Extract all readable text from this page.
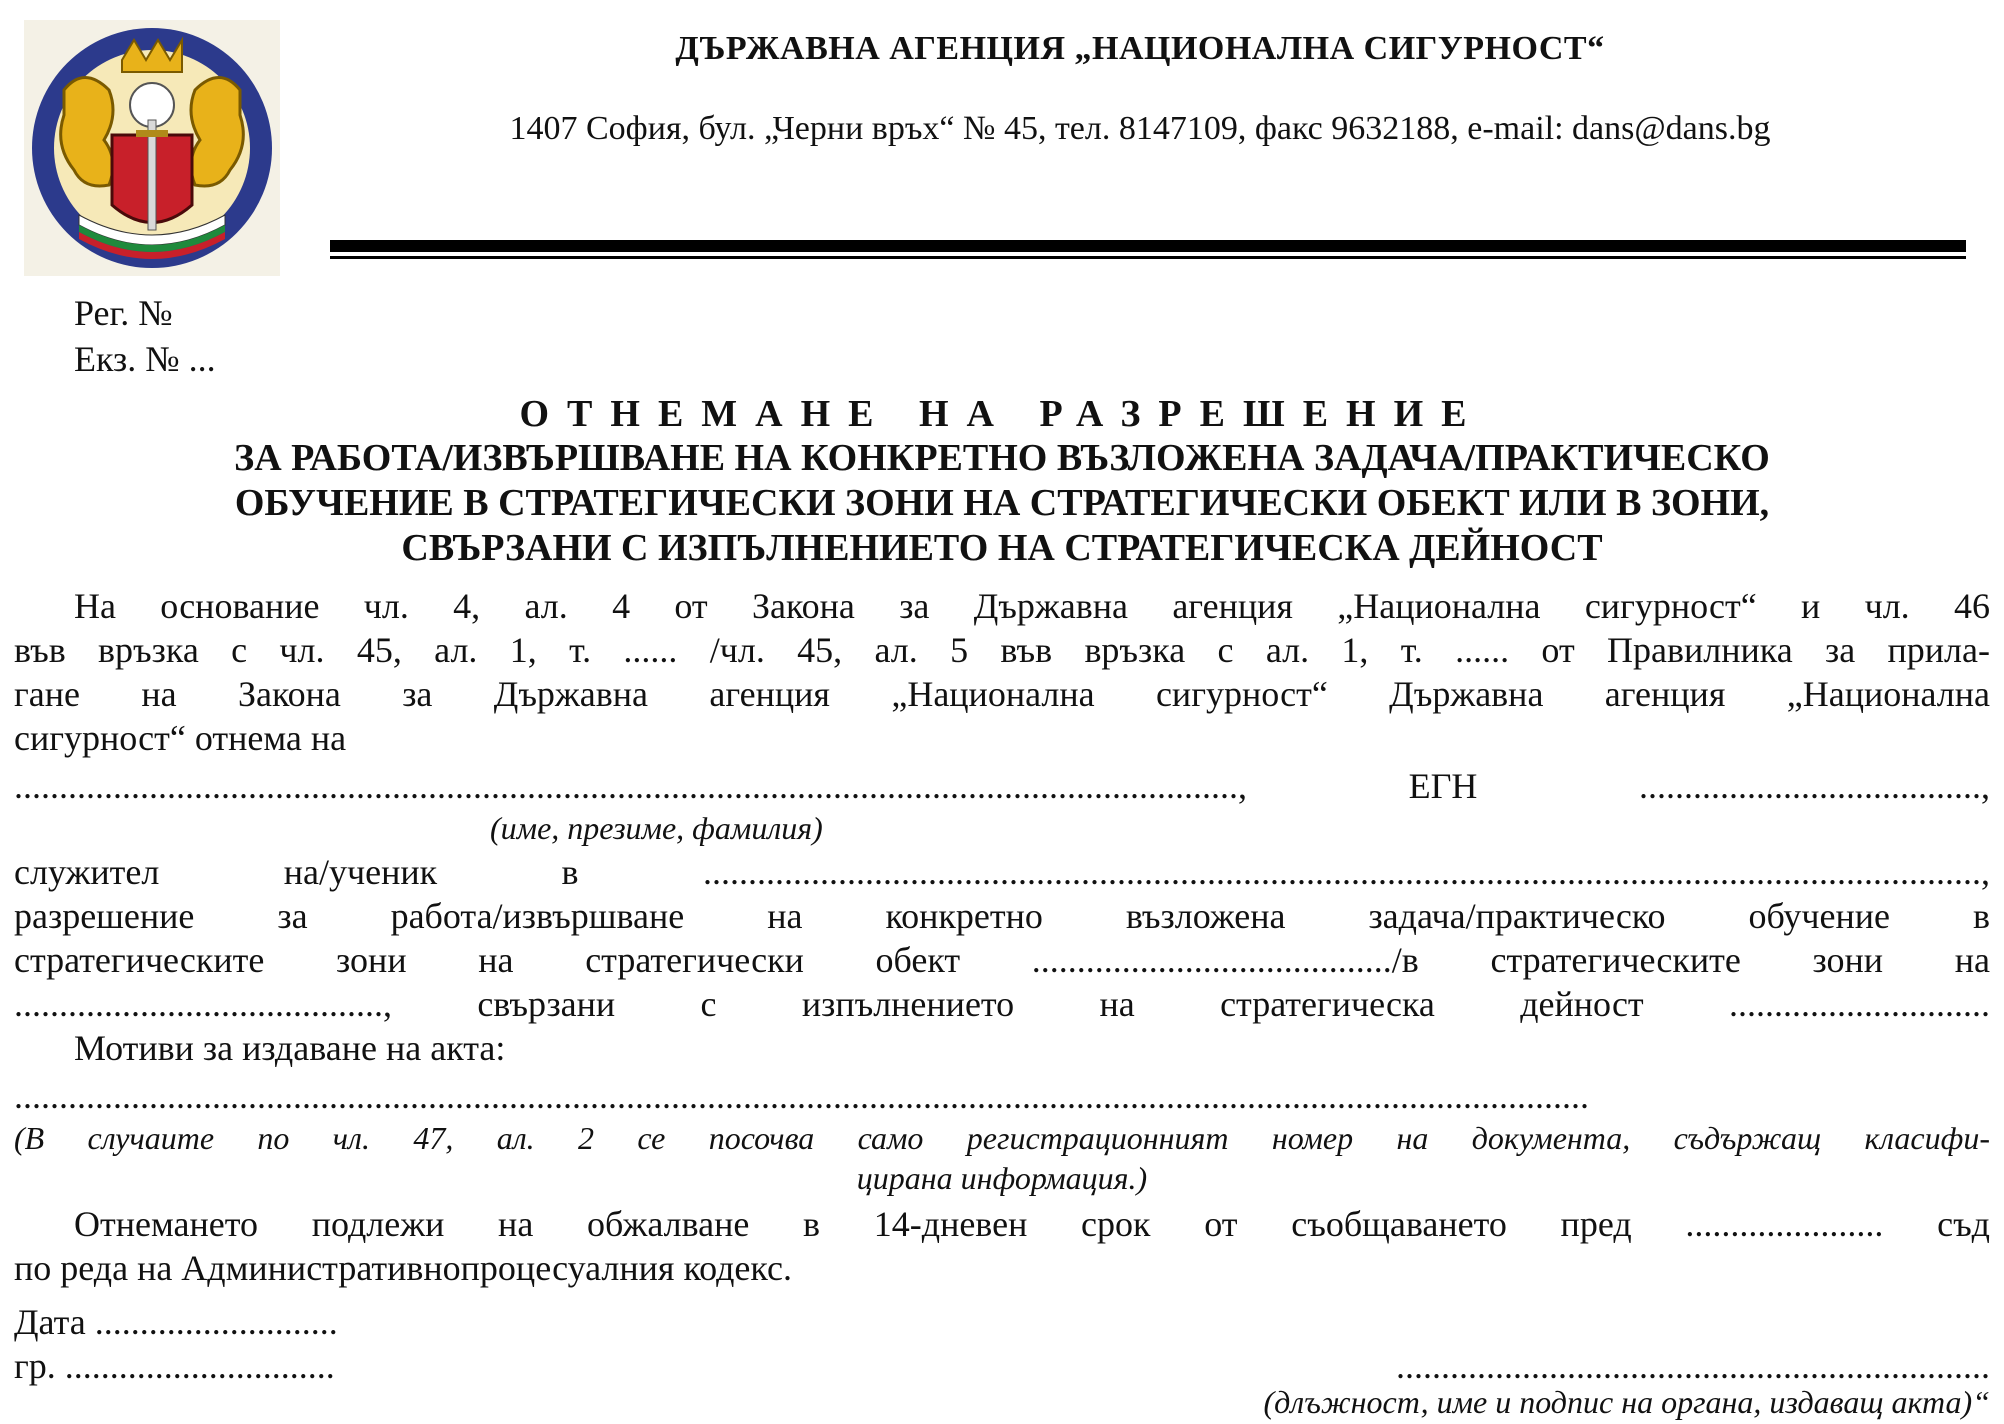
ДЪРЖАВНА АГЕНЦИЯ „НАЦИОНАЛНА СИГУРНОСТ“
1407 София, бул. „Черни връх“ № 45, тел. 8147109, факс 9632188, e-mail: dans@dans.bg
Рег. №
Екз. № ...
ОТНЕМАНЕ НА РАЗРЕШЕНИЕ
ЗА РАБОТА/ИЗВЪРШВАНЕ НА КОНКРЕТНО ВЪЗЛОЖЕНА ЗАДАЧА/ПРАКТИЧЕСКО
ОБУЧЕНИЕ В СТРАТЕГИЧЕСКИ ЗОНИ НА СТРАТЕГИЧЕСКИ ОБЕКТ ИЛИ В ЗОНИ,
СВЪРЗАНИ С ИЗПЪЛНЕНИЕТО НА СТРАТЕГИЧЕСКА ДЕЙНОСТ
На основание чл. 4, ал. 4 от Закона за Държавна агенция „Национална сигурност“ и чл. 46
във връзка с чл. 45, ал. 1, т. ...... /чл. 45, ал. 5 във връзка с ал. 1, т. ...... от Правилника за прила-
гане на Закона за Държавна агенция „Национална сигурност“ Държавна агенция „Национална
сигурност“ отнема на
........................................................................................................................................, ЕГН ......................................,
(име, презиме, фамилия)
служител на/ученик в ..............................................................................................................................................,
разрешение за работа/извършване на конкретно възложена задача/практическо обучение в
стратегическите зони на стратегически обект ......................................../в стратегическите зони на
........................................., свързани с изпълнението на стратегическа дейност .............................
Мотиви за издаване на акта:
...............................................................................................................................................................................
(В случаите по чл. 47, ал. 2 се посочва само регистрационният номер на документа, съдържащ класифи-
цирана информация.)
Отнемането подлежи на обжалване в 14-дневен срок от съобщаването пред ...................... съд
по реда на Административнопроцесуалния кодекс.
Дата ...........................
гр. ..............................	..................................................................
(длъжност, име и подпис на органа, издаващ акта)“
